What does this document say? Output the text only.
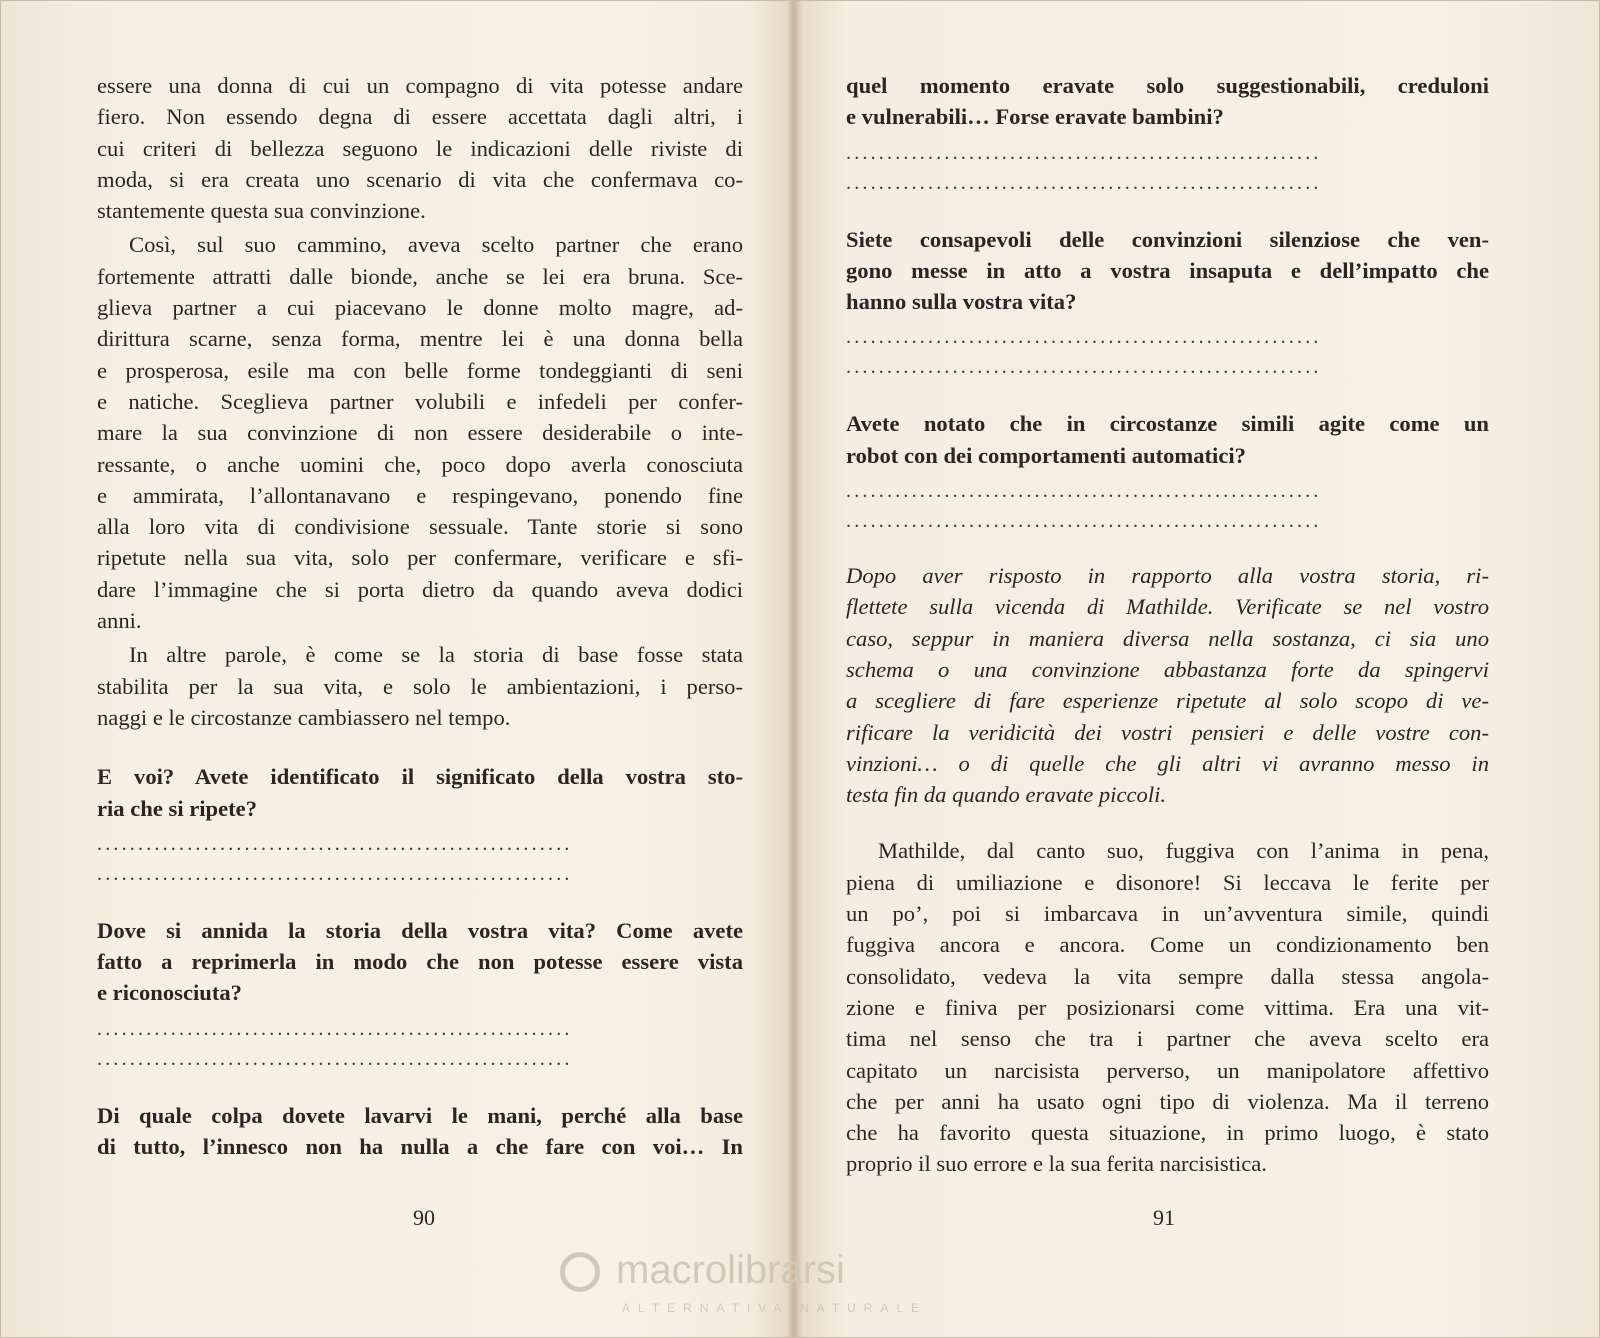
essere una donna di cui un compagno di vita potesse andare
fiero. Non essendo degna di essere accettata dagli altri, i
cui criteri di bellezza seguono le indicazioni delle riviste di
moda, si era creata uno scenario di vita che confermava co-
stantemente questa sua convinzione.
Così, sul suo cammino, aveva scelto partner che erano
fortemente attratti dalle bionde, anche se lei era bruna. Sce-
glieva partner a cui piacevano le donne molto magre, ad-
dirittura scarne, senza forma, mentre lei è una donna bella
e prosperosa, esile ma con belle forme tondeggianti di seni
e natiche. Sceglieva partner volubili e infedeli per confer-
mare la sua convinzione di non essere desiderabile o inte-
ressante, o anche uomini che, poco dopo averla conosciuta
e ammirata, l’allontanavano e respingevano, ponendo fine
alla loro vita di condivisione sessuale. Tante storie si sono
ripetute nella sua vita, solo per confermare, verificare e sfi-
dare l’immagine che si porta dietro da quando aveva dodici
anni.
In altre parole, è come se la storia di base fosse stata
stabilita per la sua vita, e solo le ambientazioni, i perso-
naggi e le circostanze cambiassero nel tempo.
E voi? Avete identificato il significato della vostra sto-
ria che si ripete?
..........................................................
..........................................................
Dove si annida la storia della vostra vita? Come avete
fatto a reprimerla in modo che non potesse essere vista
e riconosciuta?
..........................................................
..........................................................
Di quale colpa dovete lavarvi le mani, perché alla base
di tutto, l’innesco non ha nulla a che fare con voi… In
quel momento eravate solo suggestionabili, creduloni
e vulnerabili… Forse eravate bambini?
..........................................................
..........................................................
Siete consapevoli delle convinzioni silenziose che ven-
gono messe in atto a vostra insaputa e dell’impatto che
hanno sulla vostra vita?
..........................................................
..........................................................
Avete notato che in circostanze simili agite come un
robot con dei comportamenti automatici?
..........................................................
..........................................................
Dopo aver risposto in rapporto alla vostra storia, ri-
flettete sulla vicenda di Mathilde. Verificate se nel vostro
caso, seppur in maniera diversa nella sostanza, ci sia uno
schema o una convinzione abbastanza forte da spingervi
a scegliere di fare esperienze ripetute al solo scopo di ve-
rificare la veridicità dei vostri pensieri e delle vostre con-
vinzioni… o di quelle che gli altri vi avranno messo in
testa fin da quando eravate piccoli.
Mathilde, dal canto suo, fuggiva con l’anima in pena,
piena di umiliazione e disonore! Si leccava le ferite per
un po’, poi si imbarcava in un’avventura simile, quindi
fuggiva ancora e ancora. Come un condizionamento ben
consolidato, vedeva la vita sempre dalla stessa angola-
zione e finiva per posizionarsi come vittima. Era una vit-
tima nel senso che tra i partner che aveva scelto era
capitato un narcisista perverso, un manipolatore affettivo
che per anni ha usato ogni tipo di violenza. Ma il terreno
che ha favorito questa situazione, in primo luogo, è stato
proprio il suo errore e la sua ferita narcisistica.
90	91
macrolibrarsi
ALTERNATIVA NATURALE
